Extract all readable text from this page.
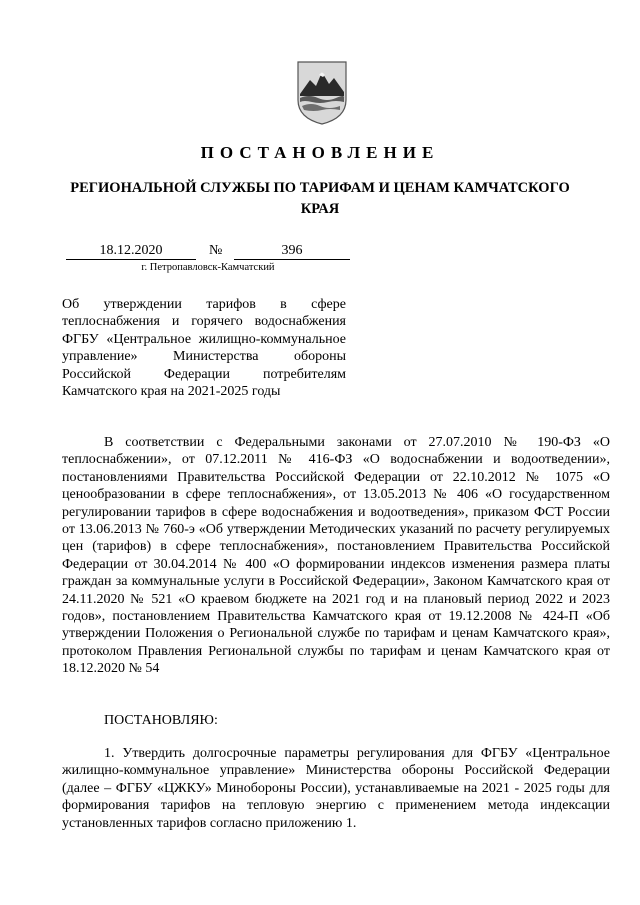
ПОСТАНОВЛЕНИЕ
РЕГИОНАЛЬНОЙ СЛУЖБЫ ПО ТАРИФАМ И ЦЕНАМ КАМЧАТСКОГО КРАЯ
18.12.2020	№	396
г. Петропавловск-Камчатский
Об утверждении тарифов в сфере теплоснабжения и горячего водоснабжения ФГБУ «Центральное жилищно-коммунальное управление» Министерства обороны Российской Федерации потребителям Камчатского края на 2021-2025 годы
В соответствии с Федеральными законами от 27.07.2010 № 190-ФЗ «О теплоснабжении», от 07.12.2011 № 416-ФЗ «О водоснабжении и водоотведении», постановлениями Правительства Российской Федерации от 22.10.2012 № 1075 «О ценообразовании в сфере теплоснабжения», от 13.05.2013 № 406 «О государственном регулировании тарифов в сфере водоснабжения и водоотведения», приказом ФСТ России от 13.06.2013 № 760-э «Об утверждении Методических указаний по расчету регулируемых цен (тарифов) в сфере теплоснабжения», постановлением Правительства Российской Федерации от 30.04.2014 № 400 «О формировании индексов изменения размера платы граждан за коммунальные услуги в Российской Федерации», Законом Камчатского края от 24.11.2020 № 521 «О краевом бюджете на 2021 год и на плановый период 2022 и 2023 годов», постановлением Правительства Камчатского края от 19.12.2008 № 424-П «Об утверждении Положения о Региональной службе по тарифам и ценам Камчатского края», протоколом Правления Региональной службы по тарифам и ценам Камчатского края от 18.12.2020 № 54
ПОСТАНОВЛЯЮ:
1. Утвердить долгосрочные параметры регулирования для ФГБУ «Центральное жилищно-коммунальное управление» Министерства обороны Российской Федерации (далее – ФГБУ «ЦЖКУ» Минобороны России), устанавливаемые на 2021 - 2025 годы для формирования тарифов на тепловую энергию с применением метода индексации установленных тарифов согласно приложению 1.
